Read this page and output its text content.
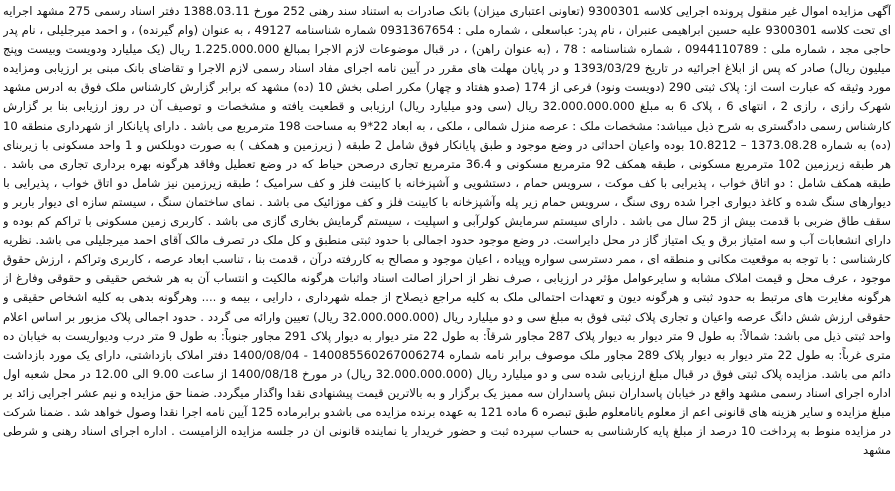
آگهی مزایده اموال غیر منقول پرونده اجرایی کلاسه 9300301 (تعاونی اعتباری میزان) بانک صادرات به استناد سند رهنی 252 مورخ 1388.03.11 دفتر اسناد رسمی 275 مشهد اجرایه ای تحت کلاسه 9300301 علیه حسین ابراهیمی عنبران ، نام پدر: عباسعلی ، شماره ملی : 0931367654 شماره شناسنامه 49127 ، به عنوان (وام گیرنده) ، و احمد میرجلیلی ، نام پدر حاجی مجد ، شماره ملی : 0944110789 ، شماره شناسنامه : 78 ، (به عنوان راهن) ، در قبال موضوعات لازم الاجرا بمبالغ 1.225.000.000 ریال (یک میلیارد ودویست وبیست وپنج میلیون ریال) صادر که پس از ابلاغ اجرائیه در تاریخ 1393/03/29 و در پایان مهلت های مقرر در آیین نامه اجرای مفاد اسناد رسمی لازم الاجرا و تقاضای بانک مبنی بر ارزیابی ومزایده مورد وثیقه که عبارت است از: پلاک ثبتی 290 (دویست ونود) فرعی از 174 (صدو هفتاد و چهار) مکرر اصلی بخش 10 (ده) مشهد که برابر گزارش کارشناس ملک فوق به ادرس مشهد شهرک رازی ، رازی 2 ، انتهای 6 ، پلاک 6 به مبلغ 32.000.000.000 ریال (سی ودو میلیارد ریال) ارزیابی و قطعیت یافته و مشخصات و توصیف آن در روز ارزیابی بنا بر گزارش کارشناس رسمی دادگستری به شرح ذیل میباشد: مشخصات ملک : عرصه منزل شمالی ، ملکی ، به ابعاد 22*9 به مساحت 198 مترمربع می باشد . دارای پایانکار از شهرداری منطقه 10 (ده) به شماره 1373.08.28 – 10.8212 بوده واعیان احداثی در وضع موجود و طبق پایانکار فوق شامل 2 طبقه ( زیرزمین و همکف ) به صورت دوبلکس و 1 واحد مسکونی با زیربنای هر طبقه زیرزمین 102 مترمربع مسکونی ، طبقه همکف 92 مترمربع مسکونی و 36.4 مترمربع تجاری درصحن حیاط که در وضع تعطیل وفاقد هرگونه بهره برداری تجاری می باشد . طبقه همکف شامل : دو اتاق خواب ، پذیرایی با کف موکت ، سرویس حمام ، دستشویی و آشپزخانه با کابینت فلز و کف سرامیک ؛ طبقه زیرزمین نیز شامل دو اتاق خواب ، پذیرایی با دیوارهای سنگ شده و کاغذ دیواری اجرا شده روی سنگ ، سرویس حمام زیر پله وآشپزخانه با کابینت فلز و کف موزائیک می باشد . نمای ساختمان سنگ ، سیستم سازه ای دیوار باربر و سقف طاق ضربی با قدمت بیش از 25 سال می باشد . دارای سیستم سرمایش کولرآبی و اسپلیت ، سیستم گرمایش بخاری گازی می باشد . کاربری زمین مسکونی با تراکم کم بوده و دارای انشعابات آب و سه امتیاز برق و یک امتیاز گاز در محل دایراست. در وضع موجود حدود اجمالی با حدود ثبتی منطبق و کل ملک در تصرف مالک آقای احمد میرجلیلی می باشد. نظریه کارشناسی : با توجه به موقعیت مکانی و منطقه ای ، ممر دسترسی سواره وپیاده ، اعیان موجود و مصالح به کاررفته درآن ، قدمت بنا ، تناسب ابعاد عرصه ، کاربری وتراکم ، ارزش حقوق موجود ، عرف محل و قیمت املاک مشابه و سایرعوامل مؤثر در ارزیابی ، صرف نظر از احراز اصالت اسناد واثبات هرگونه مالکیت و انتساب آن به هر شخص حقیقی و حقوقی وفارغ از هرگونه مغایرت های مرتبط به حدود ثبتی و هرگونه دیون و تعهدات احتمالی ملک به کلیه مراجع ذیصلاح از جمله شهرداری ، دارایی ، بیمه و .... وهرگونه بدهی به کلیه اشخاص حقیقی و حقوقی ارزش شش دانگ عرصه واعیان و تجاری پلاک ثبتی فوق به مبلغ سی و دو میلیارد ریال (32.000.000.000 ریال) تعیین وارائه می گردد . حدود اجمالی پلاک مزبور بر اساس اعلام واحد ثبتی ذیل می باشد: شمالاً: به طول 9 متر دیوار به دیوار پلاک 287 مجاور شرقاً: به طول 22 متر دیوار به دیوار پلاک 291 مجاور جنوباً: به طول 9 متر درب ودیواریست به خیابان ده متری غرباً: به طول 22 متر دیوار به دیوار پلاک 289 مجاور ملک موصوف برابر نامه شماره 140085560267006274 - 1400/08/04 دفتر املاک بازداشتی، دارای یک مورد بازداشت دائم می باشد. مزایده پلاک ثبتی فوق در قبال مبلغ ارزیابی شده سی و دو میلیارد ریال (32.000.000.000 ریال) در مورخ 1400/08/18 از ساعت 9.00 الی 12.00 در محل شعبه اول اداره اجرای اسناد رسمی مشهد واقع در خیابان پاسداران نبش پاسداران سه ممیز یک برگزار و به بالاترین قیمت پیشنهادی نقدا واگذار میگردد. ضمنا حق مزایده و نیم عشر اجرایی زائد بر مبلغ مزایده و سایر هزینه های قانونی اعم از معلوم یانامعلوم طبق تبصره 6 ماده 121 به عهده برنده مزایده می باشدو برابرماده 125 آیین نامه اجرا نقدا وصول خواهد شد . ضمنا شرکت در مزایده منوط به پرداخت 10 درصد از مبلغ پایه کارشناسی به حساب سپرده ثبت و حضور خریدار یا نماینده قانونی ان در جلسه مزایده الزامیست . اداره اجرای اسناد رهنی و شرطی مشهد
